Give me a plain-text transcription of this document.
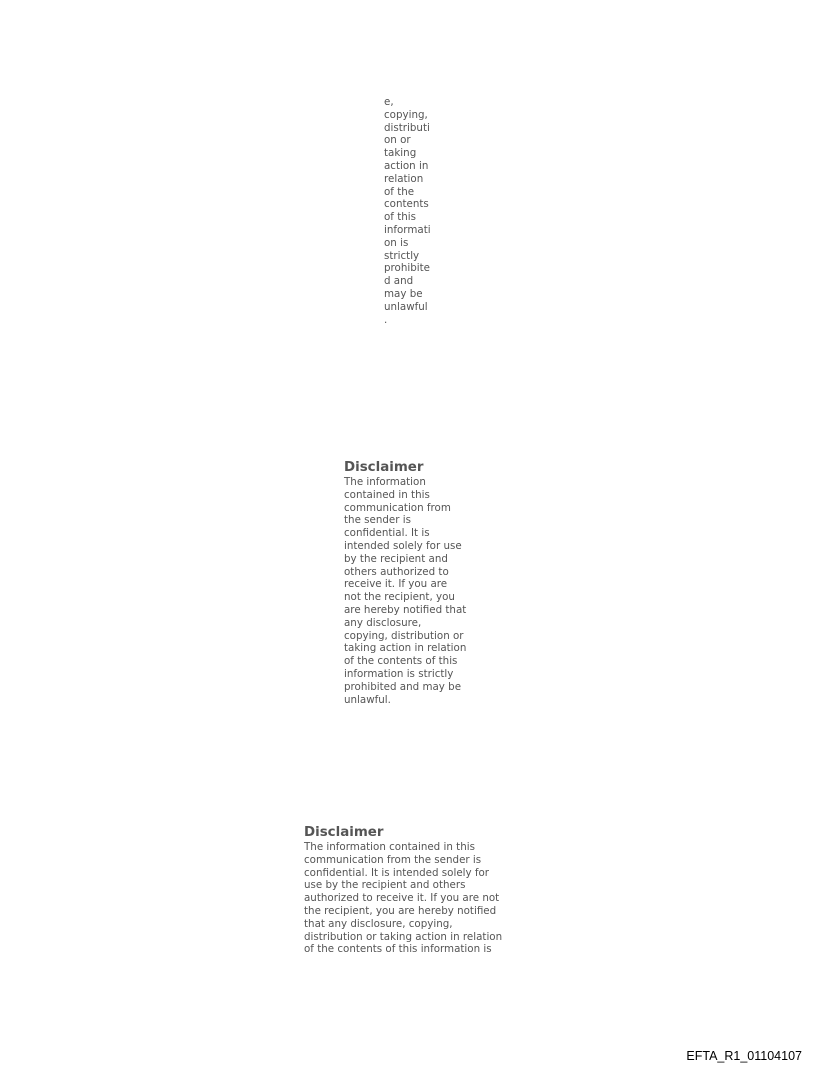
e,
copying,
distributi
on or
taking
action in
relation
of the
contents
of this
informati
on is
strictly
prohibite
d and
may be
unlawful
.
Disclaimer
The information
contained in this
communication from
the sender is
confidential. It is
intended solely for use
by the recipient and
others authorized to
receive it. If you are
not the recipient, you
are hereby notified that
any disclosure,
copying, distribution or
taking action in relation
of the contents of this
information is strictly
prohibited and may be
unlawful.
Disclaimer
The information contained in this
communication from the sender is
confidential. It is intended solely for
use by the recipient and others
authorized to receive it. If you are not
the recipient, you are hereby notified
that any disclosure, copying,
distribution or taking action in relation
of the contents of this information is
EFTA_R1_01104107
